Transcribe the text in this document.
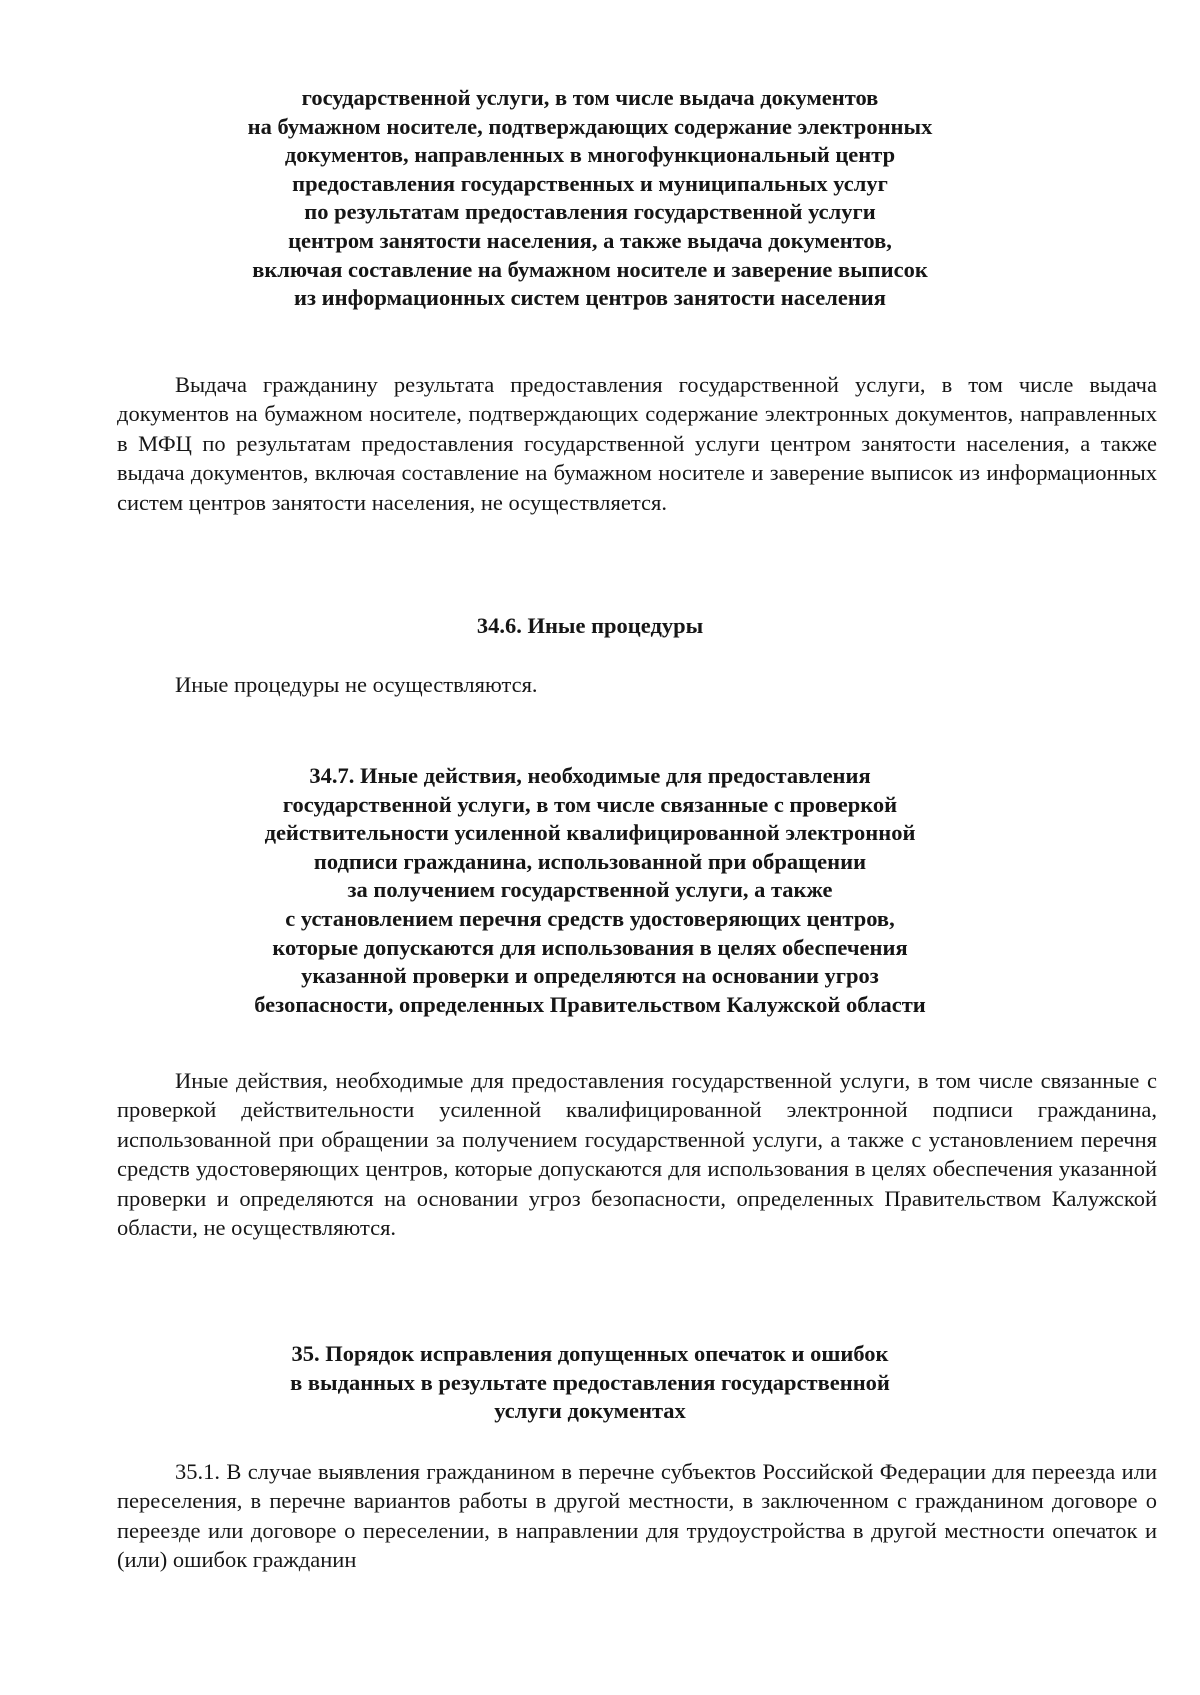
государственной услуги, в том числе выдача документов
на бумажном носителе, подтверждающих содержание электронных
документов, направленных в многофункциональный центр
предоставления государственных и муниципальных услуг
по результатам предоставления государственной услуги
центром занятости населения, а также выдача документов,
включая составление на бумажном носителе и заверение выписок
из информационных систем центров занятости населения

Выдача гражданину результата предоставления государственной услуги, в том числе выдача документов на бумажном носителе, подтверждающих содержание электронных документов, направленных в МФЦ по результатам предоставления государственной услуги центром занятости населения, а также выдача документов, включая составление на бумажном носителе и заверение выписок из информационных систем центров занятости населения, не осуществляется.

34.6. Иные процедуры

Иные процедуры не осуществляются.

34.7. Иные действия, необходимые для предоставления
государственной услуги, в том числе связанные с проверкой
действительности усиленной квалифицированной электронной
подписи гражданина, использованной при обращении
за получением государственной услуги, а также
с установлением перечня средств удостоверяющих центров,
которые допускаются для использования в целях обеспечения
указанной проверки и определяются на основании угроз
безопасности, определенных Правительством Калужской области

Иные действия, необходимые для предоставления государственной услуги, в том числе связанные с проверкой действительности усиленной квалифицированной электронной подписи гражданина, использованной при обращении за получением государственной услуги, а также с установлением перечня средств удостоверяющих центров, которые допускаются для использования в целях обеспечения указанной проверки и определяются на основании угроз безопасности, определенных Правительством Калужской области, не осуществляются.

35. Порядок исправления допущенных опечаток и ошибок
в выданных в результате предоставления государственной
услуги документах

35.1. В случае выявления гражданином в перечне субъектов Российской Федерации для переезда или переселения, в перечне вариантов работы в другой местности, в заключенном с гражданином договоре о переезде или договоре о переселении, в направлении для трудоустройства в другой местности опечаток и (или) ошибок гражданин
